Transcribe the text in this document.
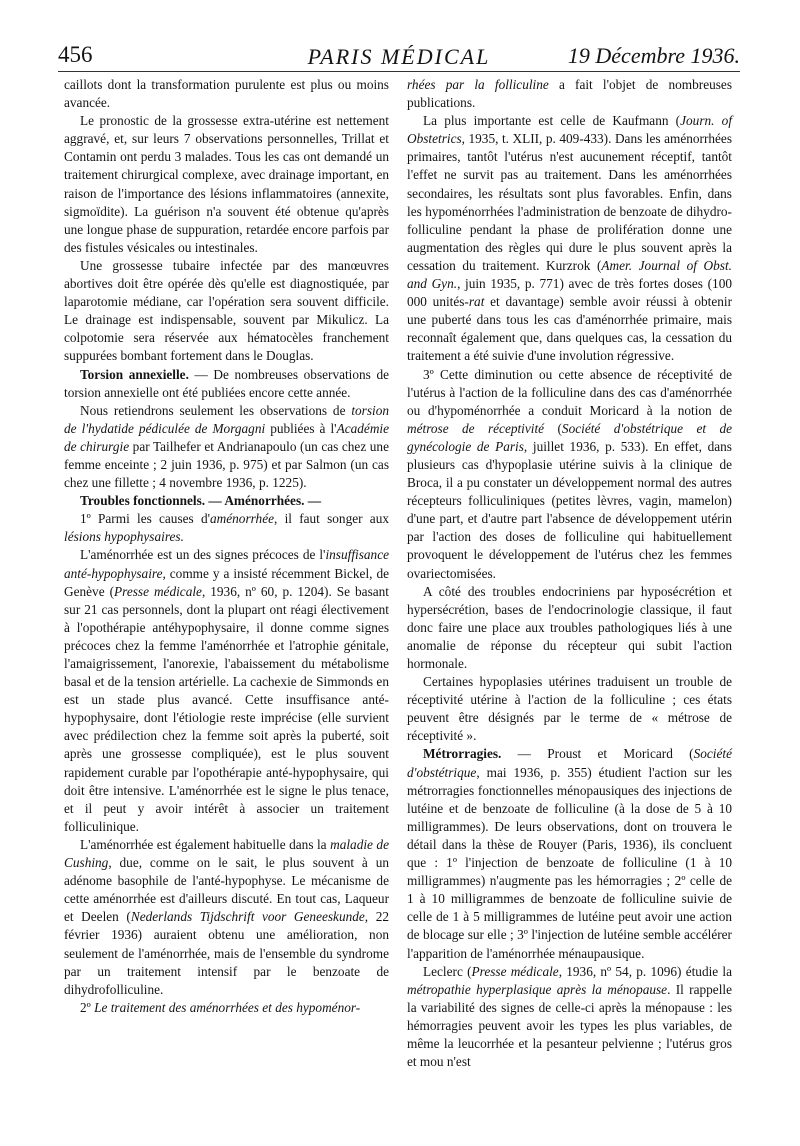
456	PARIS MÉDICAL	19 Décembre 1936.

caillots dont la transformation purulente est plus ou moins avancée.

Le pronostic de la grossesse extra-utérine est nettement aggravé, et, sur leurs 7 observations personnelles, Trillat et Contamin ont perdu 3 malades. Tous les cas ont demandé un traitement chirurgical complexe, avec drainage important, en raison de l'importance des lésions inflammatoires (annexite, sigmoïdite). La guérison n'a souvent été obtenue qu'après une longue phase de suppuration, retardée encore parfois par des fistules vésicales ou intestinales.

Une grossesse tubaire infectée par des manœuvres abortives doit être opérée dès qu'elle est diagnostiquée, par laparotomie médiane, car l'opération sera souvent difficile. Le drainage est indispensable, souvent par Mikulicz. La colpotomie sera réservée aux hématocèles franchement suppurées bombant fortement dans le Douglas.

Torsion annexielle. — De nombreuses observations de torsion annexielle ont été publiées encore cette année.

Nous retiendrons seulement les observations de torsion de l'hydatide pédiculée de Morgagni publiées à l'Académie de chirurgie par Tailhefer et Andrianapoulo (un cas chez une femme enceinte ; 2 juin 1936, p. 975) et par Salmon (un cas chez une fillette ; 4 novembre 1936, p. 1225).

Troubles fonctionnels. — Aménorrhées. —

1º Parmi les causes d'aménorrhée, il faut songer aux lésions hypophysaires.

L'aménorrhée est un des signes précoces de l'insuffisance anté-hypophysaire, comme y a insisté récemment Bickel, de Genève (Presse médicale, 1936, nº 60, p. 1204). Se basant sur 21 cas personnels, dont la plupart ont réagi électivement à l'opothérapie antéhypophysaire, il donne comme signes précoces chez la femme l'aménorrhée et l'atrophie génitale, l'amaigrissement, l'anorexie, l'abaissement du métabolisme basal et de la tension artérielle. La cachexie de Simmonds en est un stade plus avancé. Cette insuffisance anté-hypophysaire, dont l'étiologie reste imprécise (elle survient avec prédilection chez la femme soit après la puberté, soit après une grossesse compliquée), est le plus souvent rapidement curable par l'opothérapie anté-hypophysaire, qui doit être intensive. L'aménorrhée est le signe le plus tenace, et il peut y avoir intérêt à associer un traitement folliculinique.

L'aménorrhée est également habituelle dans la maladie de Cushing, due, comme on le sait, le plus souvent à un adénome basophile de l'anté-hypophyse. Le mécanisme de cette aménorrhée est d'ailleurs discuté. En tout cas, Laqueur et Deelen (Nederlands Tijdschrift voor Geneeskunde, 22 février 1936) auraient obtenu une amélioration, non seulement de l'aménorrhée, mais de l'ensemble du syndrome par un traitement intensif par le benzoate de dihydrofolliculine.

2º Le traitement des aménorrhées et des hypoménor-

rhées par la folliculine a fait l'objet de nombreuses publications.

La plus importante est celle de Kaufmann (Journ. of Obstetrics, 1935, t. XLII, p. 409-433). Dans les aménorrhées primaires, tantôt l'utérus n'est aucunement réceptif, tantôt l'effet ne survit pas au traitement. Dans les aménorrhées secondaires, les résultats sont plus favorables. Enfin, dans les hypoménorrhées l'administration de benzoate de dihydro-folliculine pendant la phase de prolifération donne une augmentation des règles qui dure le plus souvent après la cessation du traitement. Kurzrok (Amer. Journal of Obst. and Gyn., juin 1935, p. 771) avec de très fortes doses (100 000 unités-rat et davantage) semble avoir réussi à obtenir une puberté dans tous les cas d'aménorrhée primaire, mais reconnaît également que, dans quelques cas, la cessation du traitement a été suivie d'une involution régressive.

3º Cette diminution ou cette absence de réceptivité de l'utérus à l'action de la folliculine dans des cas d'aménorrhée ou d'hypoménorrhée a conduit Moricard à la notion de métrose de réceptivité (Société d'obstétrique et de gynécologie de Paris, juillet 1936, p. 533). En effet, dans plusieurs cas d'hypoplasie utérine suivis à la clinique de Broca, il a pu constater un développement normal des autres récepteurs folliculiniques (petites lèvres, vagin, mamelon) d'une part, et d'autre part l'absence de développement utérin par l'action des doses de folliculine qui habituellement provoquent le développement de l'utérus chez les femmes ovariectomisées.

A côté des troubles endocriniens par hyposécrétion et hypersécrétion, bases de l'endocrinologie classique, il faut donc faire une place aux troubles pathologiques liés à une anomalie de réponse du récepteur qui subit l'action hormonale.

Certaines hypoplasies utérines traduisent un trouble de réceptivité utérine à l'action de la folliculine ; ces états peuvent être désignés par le terme de « métrose de réceptivité ».

Métrorragies. — Proust et Moricard (Société d'obstétrique, mai 1936, p. 355) étudient l'action sur les métrorragies fonctionnelles ménopausiques des injections de lutéine et de benzoate de folliculine (à la dose de 5 à 10 milligrammes). De leurs observations, dont on trouvera le détail dans la thèse de Rouyer (Paris, 1936), ils concluent que : 1º l'injection de benzoate de folliculine (1 à 10 milligrammes) n'augmente pas les hémorragies ; 2º celle de 1 à 10 milligrammes de benzoate de folliculine suivie de celle de 1 à 5 milligrammes de lutéine peut avoir une action de blocage sur elle ; 3º l'injection de lutéine semble accélérer l'apparition de l'aménorrhée ménaupausique.

Leclerc (Presse médicale, 1936, nº 54, p. 1096) étudie la métropathie hyperplasique après la ménopause. Il rappelle la variabilité des signes de celle-ci après la ménopause : les hémorragies peuvent avoir les types les plus variables, de même la leucorrhée et la pesanteur pelvienne ; l'utérus gros et mou n'est
